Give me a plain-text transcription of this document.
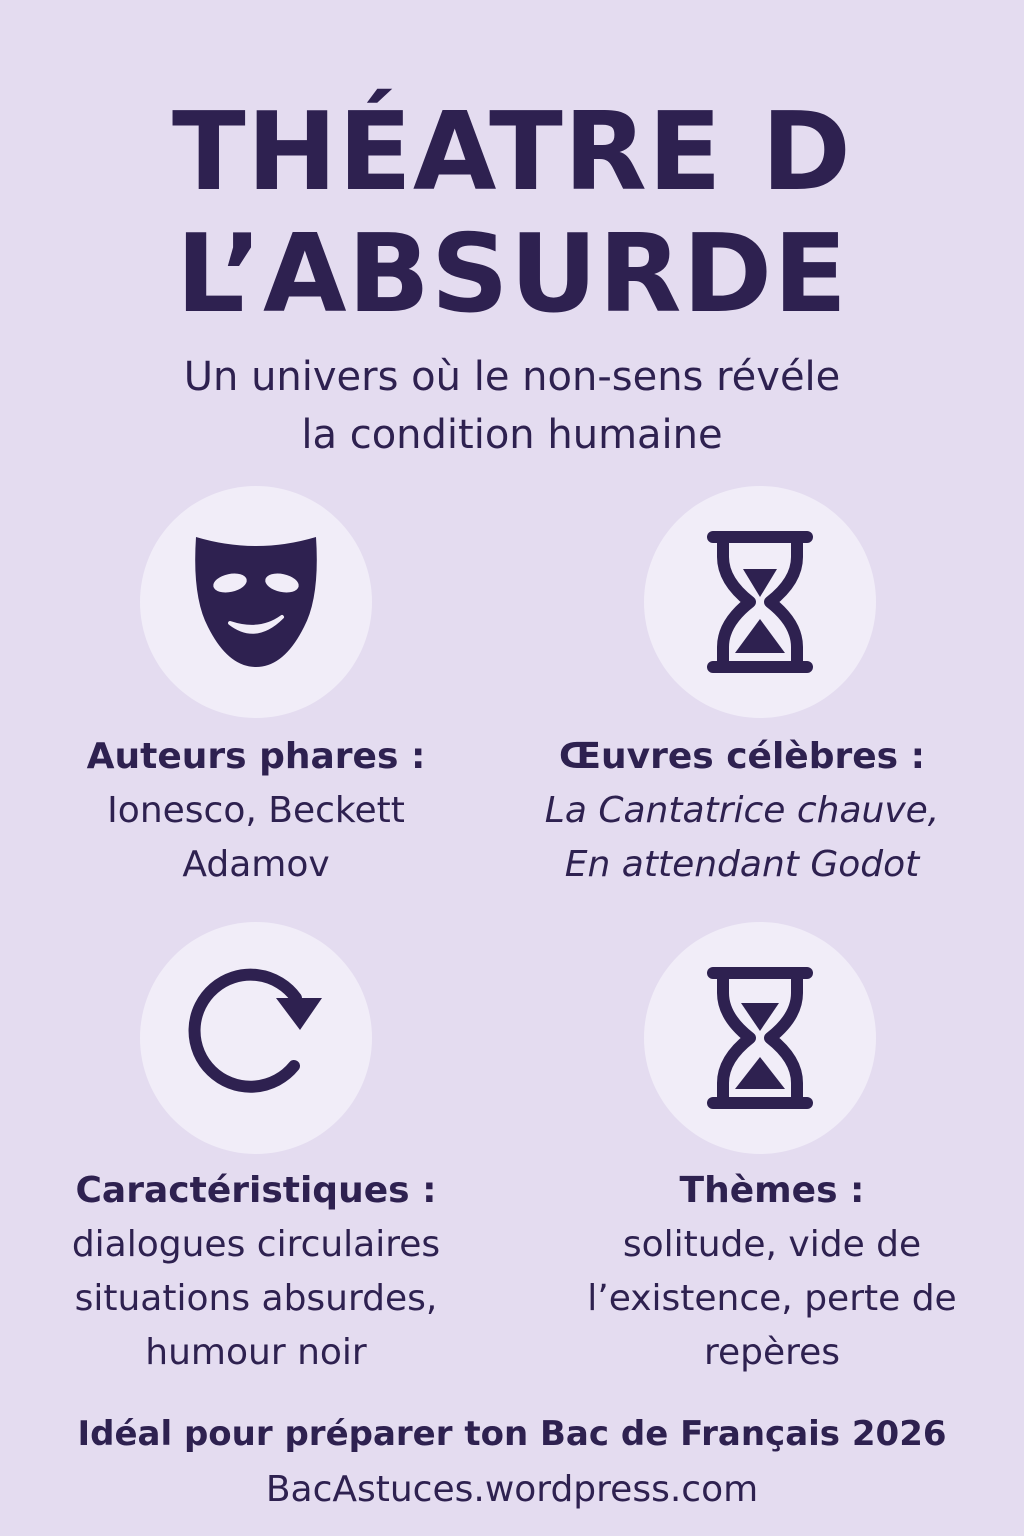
THÉATRE D
L’ABSURDE
Un univers où le non-sens révéle
la condition humaine
Auteurs phares :
Ionesco, Beckett
Adamov
Œuvres célèbres :
La Cantatrice chauve,
En attendant Godot
Caractéristiques :
dialogues circulaires
situations absurdes,
humour noir
Thèmes :
solitude, vide de
l’existence, perte de
repères
Idéal pour préparer ton Bac de Français 2026
BacAstuces.wordpress.com
